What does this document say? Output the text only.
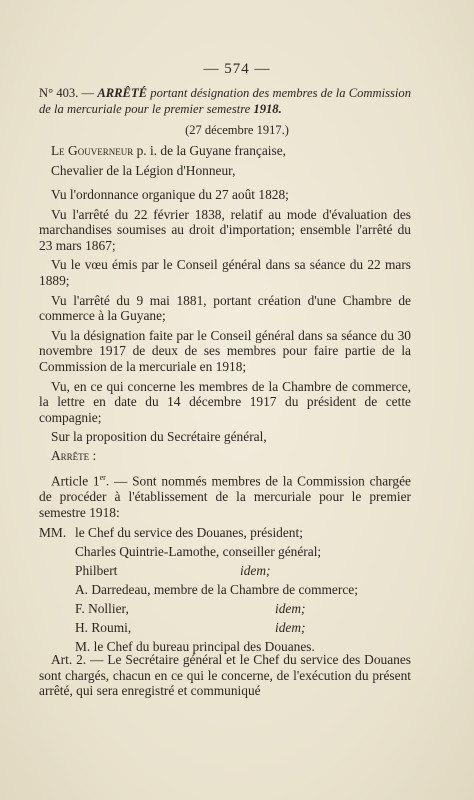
— 574 —
N° 403. — ARRÊTÉ portant désignation des membres de la Commission de la mercuriale pour le premier semestre 1918.
(27 décembre 1917.)
Le Gouverneur p. i. de la Guyane française,
Chevalier de la Légion d'Honneur,
Vu l'ordonnance organique du 27 août 1828;
Vu l'arrêté du 22 février 1838, relatif au mode d'évaluation des marchandises soumises au droit d'importation; ensemble l'arrêté du 23 mars 1867;
Vu le vœu émis par le Conseil général dans sa séance du 22 mars 1889;
Vu l'arrêté du 9 mai 1881, portant création d'une Chambre de commerce à la Guyane;
Vu la désignation faite par le Conseil général dans sa séance du 30 novembre 1917 de deux de ses membres pour faire partie de la Commission de la mercuriale en 1918;
Vu, en ce qui concerne les membres de la Chambre de commerce, la lettre en date du 14 décembre 1917 du président de cette compagnie;
Sur la proposition du Secrétaire général,
Arrête :
Article 1er. — Sont nommés membres de la Commission chargée de procéder à l'établissement de la mercuriale pour le premier semestre 1918:
MM. le Chef du service des Douanes, président;
Charles Quintrie-Lamothe, conseiller général;
Philbert	idem;
A. Darredeau, membre de la Chambre de commerce;
F. Nollier,	idem;
H. Roumi,	idem;
M. le Chef du bureau principal des Douanes.
Art. 2. — Le Secrétaire général et le Chef du service des Douanes sont chargés, chacun en ce qui le concerne, de l'exécution du présent arrêté, qui sera enregistré et communiqué
